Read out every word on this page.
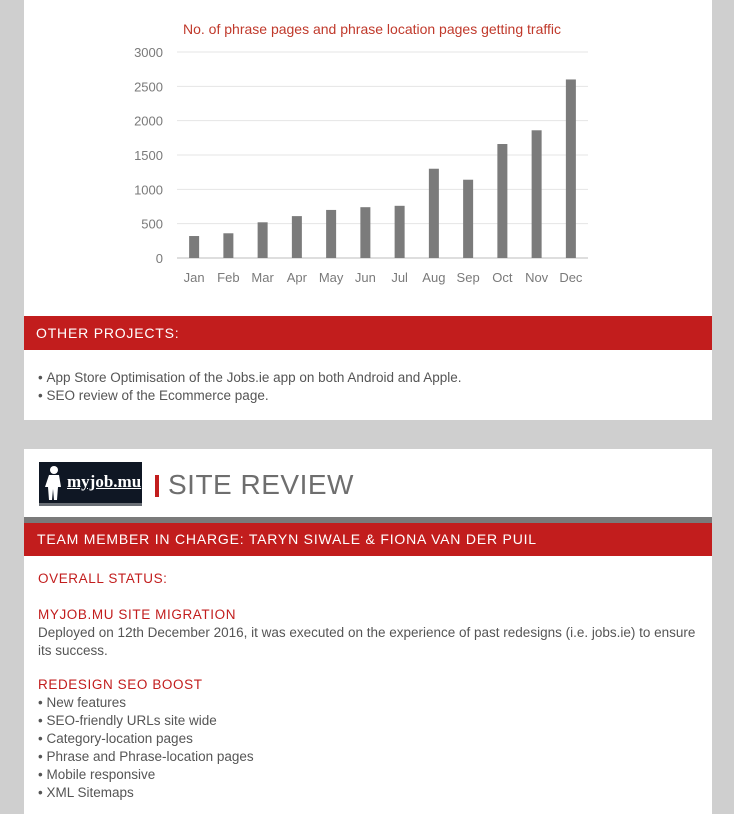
No. of phrase pages and phrase location pages getting traffic
Jan Feb Mar Apr May Jun Jul Aug Sep Oct Nov Dec
0
500
1000
1500
2000
2500
3000
OTHER PROJECTS:
• App Store Optimisation of the Jobs.ie app on both Android and Apple.
• SEO review of the Ecommerce page.
myjob.mu SITE REVIEW
TEAM MEMBER IN CHARGE: TARYN SIWALE & FIONA VAN DER PUIL
OVERALL STATUS:
MYJOB.MU SITE MIGRATION
Deployed on 12th December 2016, it was executed on the experience of past redesigns (i.e. jobs.ie) to ensure its success.
REDESIGN SEO BOOST
• New features
• SEO-friendly URLs site wide
• Category-location pages
• Phrase and Phrase-location pages
• Mobile responsive
• XML Sitemaps
